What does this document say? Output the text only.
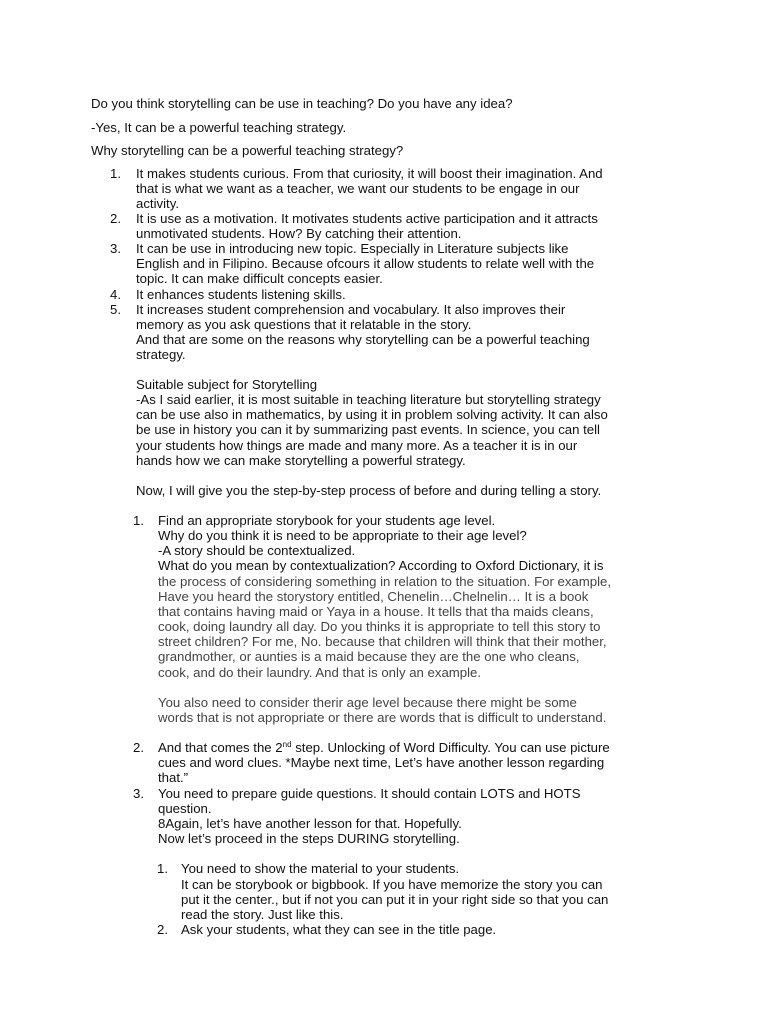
Do you think storytelling can be use in teaching? Do you have any idea?
-Yes, It can be a powerful teaching strategy.
Why storytelling can be a powerful teaching strategy?
1. It makes students curious. From that curiosity, it will boost their imagination. And
that is what we want as a teacher, we want our students to be engage in our
activity.
2. It is use as a motivation. It motivates students active participation and it attracts
unmotivated students. How? By catching their attention.
3. It can be use in introducing new topic. Especially in Literature subjects like
English and in Filipino. Because ofcours it allow students to relate well with the
topic. It can make difficult concepts easier.
4. It enhances students listening skills.
5. It increases student comprehension and vocabulary. It also improves their
memory as you ask questions that it relatable in the story.
And that are some on the reasons why storytelling can be a powerful teaching
strategy.
Suitable subject for Storytelling
-As I said earlier, it is most suitable in teaching literature but storytelling strategy
can be use also in mathematics, by using it in problem solving activity. It can also
be use in history you can it by summarizing past events. In science, you can tell
your students how things are made and many more. As a teacher it is in our
hands how we can make storytelling a powerful strategy.
Now, I will give you the step-by-step process of before and during telling a story.
1. Find an appropriate storybook for your students age level.
Why do you think it is need to be appropriate to their age level?
-A story should be contextualized.
What do you mean by contextualization? According to Oxford Dictionary, it is
the process of considering something in relation to the situation. For example,
Have you heard the storystory entitled, Chenelin…Chelnelin… It is a book
that contains having maid or Yaya in a house. It tells that tha maids cleans,
cook, doing laundry all day. Do you thinks it is appropriate to tell this story to
street children? For me, No. because that children will think that their mother,
grandmother, or aunties is a maid because they are the one who cleans,
cook, and do their laundry. And that is only an example.
You also need to consider therir age level because there might be some
words that is not appropriate or there are words that is difficult to understand.
2. And that comes the 2nd step. Unlocking of Word Difficulty. You can use picture
cues and word clues. *Maybe next time, Let’s have another lesson regarding
that.”
3. You need to prepare guide questions. It should contain LOTS and HOTS
question.
8Again, let’s have another lesson for that. Hopefully.
Now let’s proceed in the steps DURING storytelling.
1. You need to show the material to your students.
It can be storybook or bigbbook. If you have memorize the story you can
put it the center., but if not you can put it in your right side so that you can
read the story. Just like this.
2. Ask your students, what they can see in the title page.
